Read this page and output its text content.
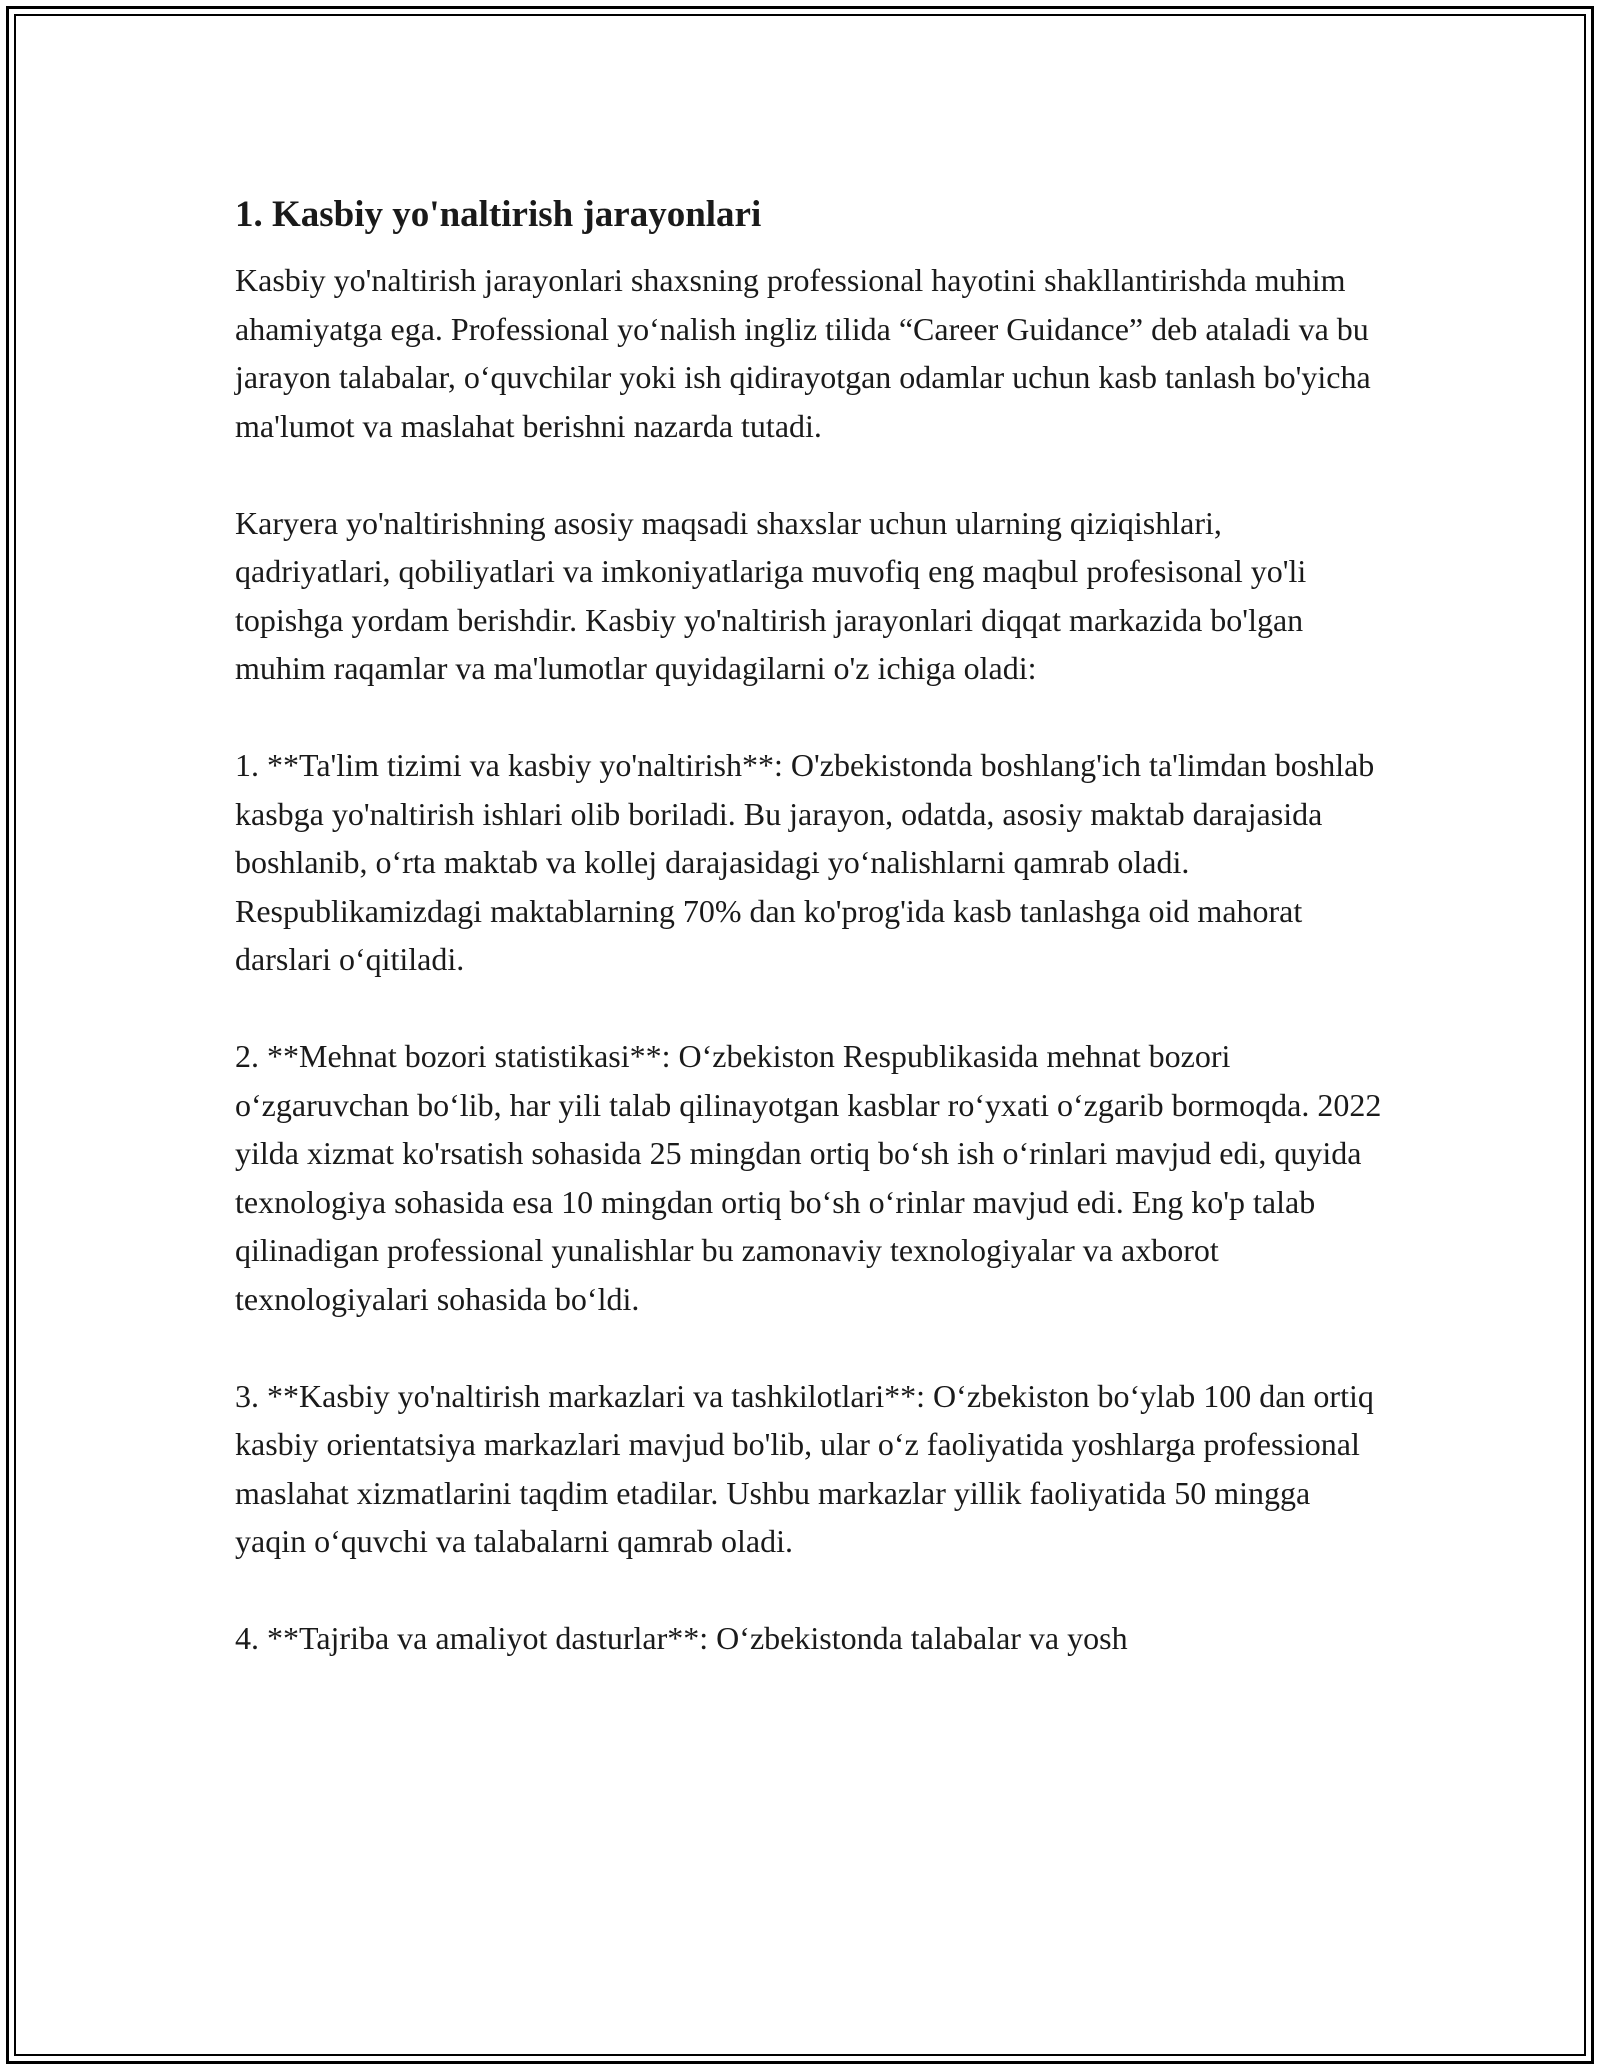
1. Kasbiy yo'naltirish jarayonlari

Kasbiy yo'naltirish jarayonlari shaxsning professional hayotini shakllantirishda muhim ahamiyatga ega. Professional yo‘nalish ingliz tilida “Career Guidance” deb ataladi va bu jarayon talabalar, o‘quvchilar yoki ish qidirayotgan odamlar uchun kasb tanlash bo'yicha ma'lumot va maslahat berishni nazarda tutadi.

Karyera yo'naltirishning asosiy maqsadi shaxslar uchun ularning qiziqishlari, qadriyatlari, qobiliyatlari va imkoniyatlariga muvofiq eng maqbul profesisonal yo'li topishga yordam berishdir. Kasbiy yo'naltirish jarayonlari diqqat markazida bo'lgan muhim raqamlar va ma'lumotlar quyidagilarni o'z ichiga oladi:

1. **Ta'lim tizimi va kasbiy yo'naltirish**: O'zbekistonda boshlang'ich ta'limdan boshlab kasbga yo'naltirish ishlari olib boriladi. Bu jarayon, odatda, asosiy maktab darajasida boshlanib, o‘rta maktab va kollej darajasidagi yo‘nalishlarni qamrab oladi. Respublikamizdagi maktablarning 70% dan ko'prog'ida kasb tanlashga oid mahorat darslari o‘qitiladi.

2. **Mehnat bozori statistikasi**: O‘zbekiston Respublikasida mehnat bozori o‘zgaruvchan bo‘lib, har yili talab qilinayotgan kasblar ro‘yxati o‘zgarib bormoqda. 2022 yilda xizmat ko'rsatish sohasida 25 mingdan ortiq bo‘sh ish o‘rinlari mavjud edi, quyida texnologiya sohasida esa 10 mingdan ortiq bo‘sh o‘rinlar mavjud edi. Eng ko'p talab qilinadigan professional yunalishlar bu zamonaviy texnologiyalar va axborot texnologiyalari sohasida bo‘ldi.

3. **Kasbiy yo'naltirish markazlari va tashkilotlari**: O‘zbekiston bo‘ylab 100 dan ortiq kasbiy orientatsiya markazlari mavjud bo'lib, ular o‘z faoliyatida yoshlarga professional maslahat xizmatlarini taqdim etadilar. Ushbu markazlar yillik faoliyatida 50 mingga yaqin o‘quvchi va talabalarni qamrab oladi.

4. **Tajriba va amaliyot dasturlar**: O‘zbekistonda talabalar va yosh
